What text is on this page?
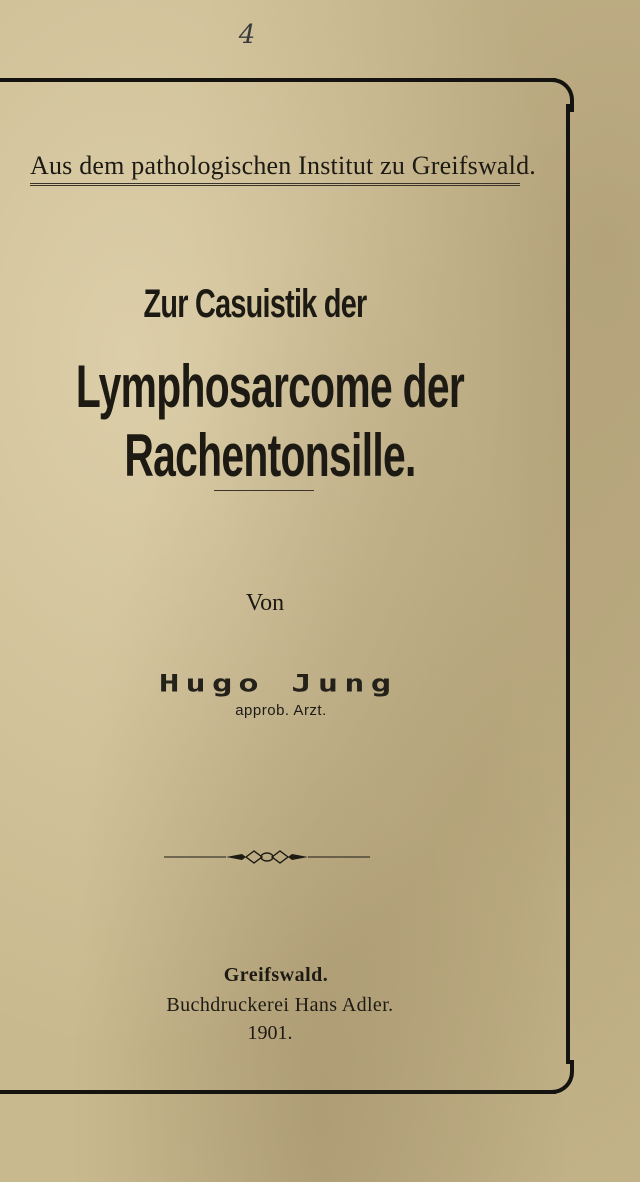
4
Aus dem pathologischen Institut zu Greifswald.
Zur Casuistik der
Lymphosarcome der Rachentonsille.
Von
Hugo Jung
approb. Arzt.
Greifswald.
Buchdruckerei Hans Adler.
1901.
